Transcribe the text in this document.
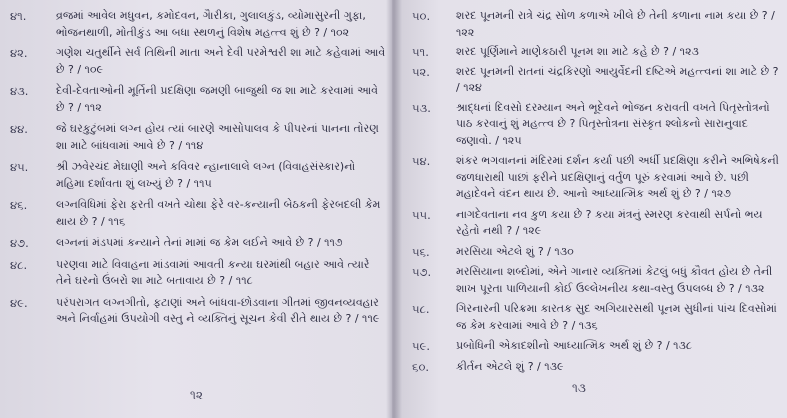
૪૧.	વ્રજમાં આવેલ મધુવન, કમોદવન, ગૈારીકા, ગુલાલકુંડ, વ્યોમાસુરની ગુફા, ભોજનથાળી, મોતીકુંડ આ બધા સ્થળનું વિશેષ મહત્ત્વ શું છે ? / ૧૦૨
૪૨.	ગણેશ ચતુર્થીને સર્વ તિથિની માતા અને દેવી પરમેશ્વરી શા માટે કહેવામાં આવે છે ? / ૧૦૯
૪૩.	દેવી-દેવતાઓની મૂર્તિની પ્રદક્ષિણા જમણી બાજુથી જ શા માટે કરવામાં આવે છે ? / ૧૧૨
૪૪.	જે ઘરકુટુંબમાં લગ્ન હોય ત્યાં બારણે આસોપાલવ કે પીપરનાં પાનના તોરણ શા માટે બાંધવામાં આવે છે ? / ૧૧૪
૪૫.	શ્રી ઝવેરચંદ મેઘાણી અને કવિવર ન્હાનાલાલે લગ્ન (વિવાહસંસ્કાર)નો મહિમા દર્શાવતા શું લખ્યું છે ? / ૧૧૫
૪૬.	લગ્નવિધિમાં ફેરા ફરતી વખતે ચોથા ફેરે વર-કન્યાની બેઠકની ફેરબદલી કેમ થાય છે ? / ૧૧૬
૪૭.	લગ્નનાં મંડપમાં કન્યાને તેનાં મામાં જ કેમ લઈને આવે છે ? / ૧૧૭
૪૮.	પરણવા માટે વિવાહના માંડવામાં આવતી કન્યા ઘરમાંથી બહાર આવે ત્યારે તેને ઘરનો ઉંબરો શા માટે બતાવાય છે ? / ૧૧૮
૪૯.	પરંપરાગત લગ્નગીતો, ફટાણાં અને બાંધવા-છોડવાના ગીતમાં જીવનવ્યવહાર અને નિર્વાહમાં ઉપયોગી વસ્તુ ને વ્યક્તિનું સૂચન કેવી રીતે થાય છે ? / ૧૧૯
૧૨
૫૦.	શરદ પૂનમની રાત્રે ચંદ્ર સોળ કળાએ ખીલે છે તેની કળાના નામ કયા છે ? / ૧૨૨
૫૧.	શરદ પૂર્ણિમાને માણેકઠારી પૂનમ શા માટે કહે છે ? / ૧૨૩
૫૨.	શરદ પૂનમની રાતનાં ચંદ્રકિરણો આયુર્વેદની દષ્ટિએ મહત્ત્વનાં શા માટે છે ? / ૧૨૪
૫૩.	શ્રાદ્ધનાં દિવસો દરમ્યાન અને ભૂદેવને ભોજન કરાવતી વખતે પિતૃસ્તોત્રનો પાઠ કરવાનું શું મહત્ત્વ છે ? પિતૃસ્તોત્રના સંસ્કૃત શ્લોકનો સારાનુવાદ જણાવો. / ૧૨૫
૫૪.	શંકર ભગવાનનાં મંદિરમાં દર્શન કર્યા પછી અર્ધી પ્રદક્ષિણા કરીને અભિષેકની જળધારાથી પાછાં ફરીને પ્રદક્ષિણાનું વર્તુળ પૂરું કરવામાં આવે છે. પછી મહાદેવને વંદન થાય છે. આનો આધ્યાત્મિક અર્થ શું છે ? / ૧૨૭
૫૫.	નાગદેવતાના નવ કુળ કયા છે ? કયા મંત્રનું સ્મરણ કરવાથી સર્પનો ભય રહેતો નથી ? / ૧૨૯
૫૬.	મરસિયા એટલે શું ? / ૧૩૦
૫૭.	મરસિયાના શબ્દોમાં, એને ગાનાર વ્યક્તિમાં કેટલું બધું કૌવત હોય છે તેની શાખ પૂરતા પાળિયાની કોઈ ઉલ્લેખનીય કથા-વસ્તુ ઉપલબ્ધ છે ? / ૧૩૨
૫૮.	ગિરનારની પરિક્રમા કારતક સુદ અગિયારસથી પૂનમ સુધીનાં પાંચ દિવસોમાં જ કેમ કરવામાં આવે છે ? / ૧૩૬
૫૯.	પ્રબોધિની એકાદશીનો આધ્યાત્મિક અર્થ શું છે ? / ૧૩૮
૬૦.	કીર્તન એટલે શું ? / ૧૩૯
૧૩
